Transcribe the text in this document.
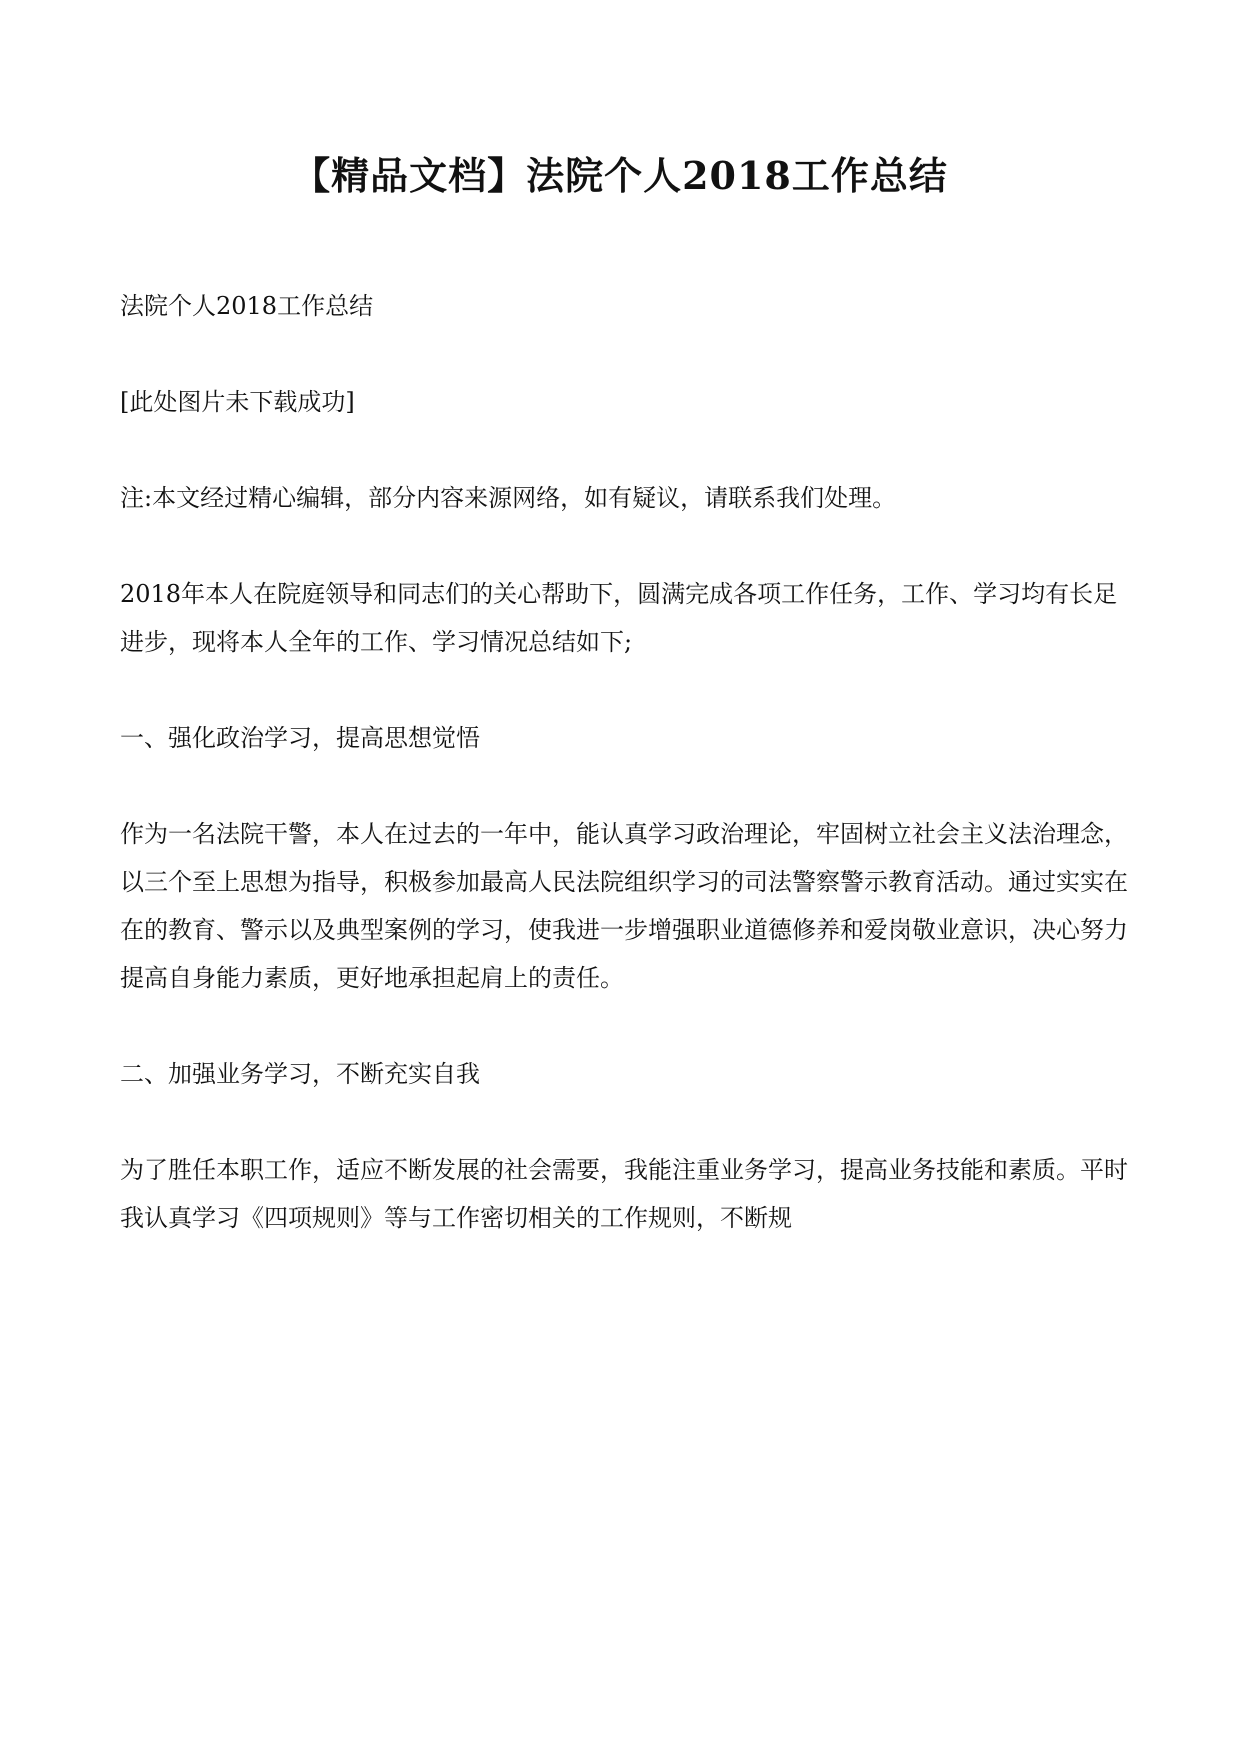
【精品文档】法院个人2018工作总结

法院个人2018工作总结

[此处图片未下载成功]

注:本文经过精心编辑，部分内容来源网络，如有疑议，请联系我们处理。

2018年本人在院庭领导和同志们的关心帮助下，圆满完成各项工作任务，工作、学习均有长足进步，现将本人全年的工作、学习情况总结如下;

一、强化政治学习，提高思想觉悟

作为一名法院干警，本人在过去的一年中，能认真学习政治理论，牢固树立社会主义法治理念，以三个至上思想为指导，积极参加最高人民法院组织学习的司法警察警示教育活动。通过实实在在的教育、警示以及典型案例的学习，使我进一步增强职业道德修养和爱岗敬业意识，决心努力提高自身能力素质，更好地承担起肩上的责任。

二、加强业务学习，不断充实自我

为了胜任本职工作，适应不断发展的社会需要，我能注重业务学习，提高业务技能和素质。平时我认真学习《四项规则》等与工作密切相关的工作规则，不断规
